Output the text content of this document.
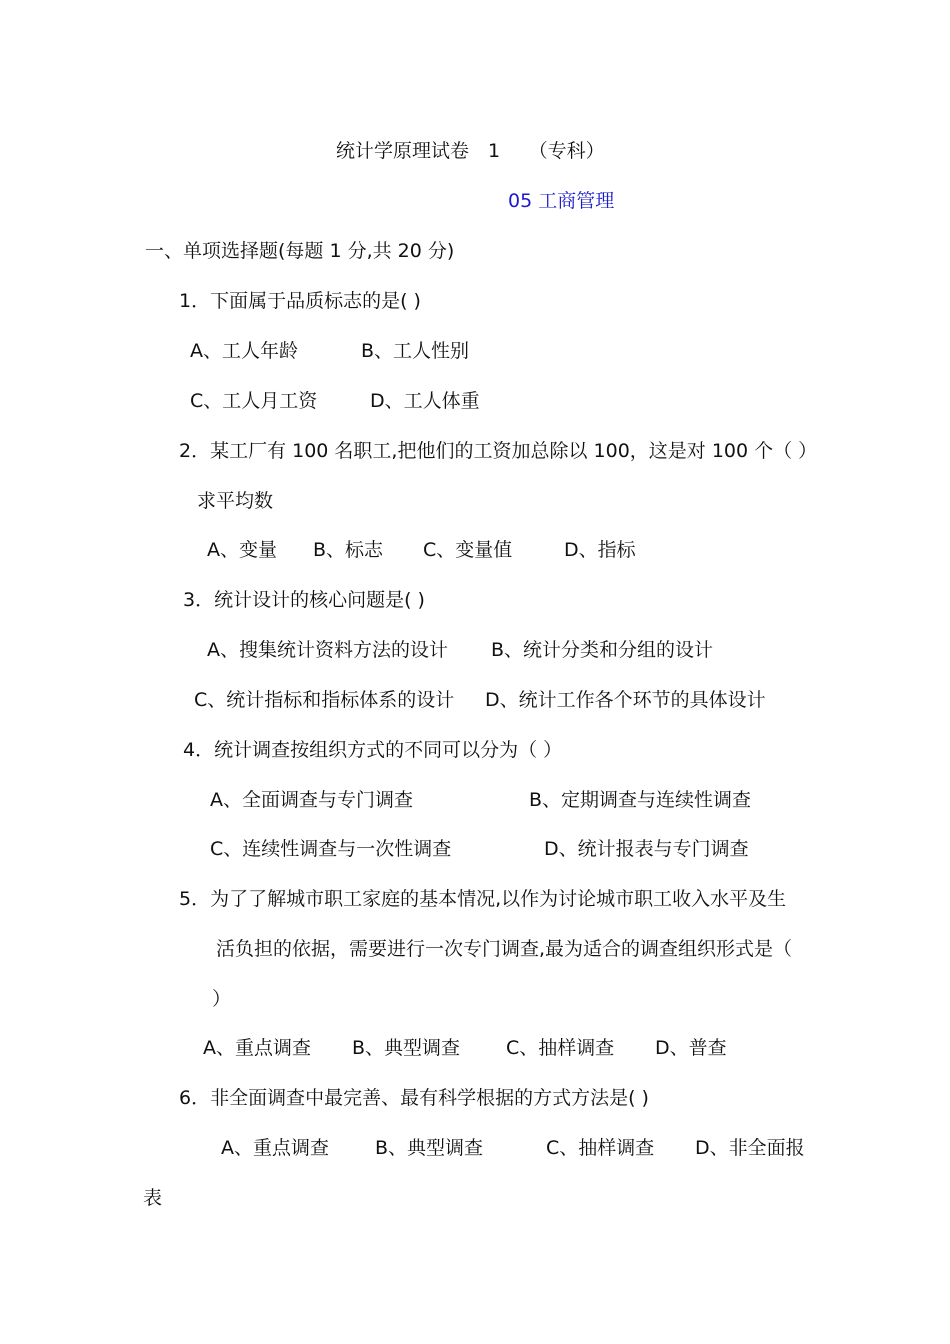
统计学原理试卷　1　　（专科）
05 工商管理
一、单项选择题(每题 1 分,共 20 分)
1．下面属于品质标志的是( )
A、工人年龄	B、工人性别
C、工人月工资	D、工人体重
2．某工厂有 100 名职工,把他们的工资加总除以 100，这是对 100 个（ ）
求平均数
A、变量 B、标志 C、变量值	D、指标
3．统计设计的核心问题是( )
A、搜集统计资料方法的设计 B、统计分类和分组的设计
C、统计指标和指标体系的设计 D、统计工作各个环节的具体设计
4．统计调查按组织方式的不同可以分为（ ）
A、全面调查与专门调查	B、定期调查与连续性调查
C、连续性调查与一次性调查	D、统计报表与专门调查
5．为了了解城市职工家庭的基本情况,以作为讨论城市职工收入水平及生
活负担的依据，需要进行一次专门调查,最为适合的调查组织形式是（
）
A、重点调查 B、典型调查 C、抽样调查 D、普查
6．非全面调查中最完善、最有科学根据的方式方法是( )
A、重点调查 B、典型调查	C、抽样调查 D、非全面报
表
